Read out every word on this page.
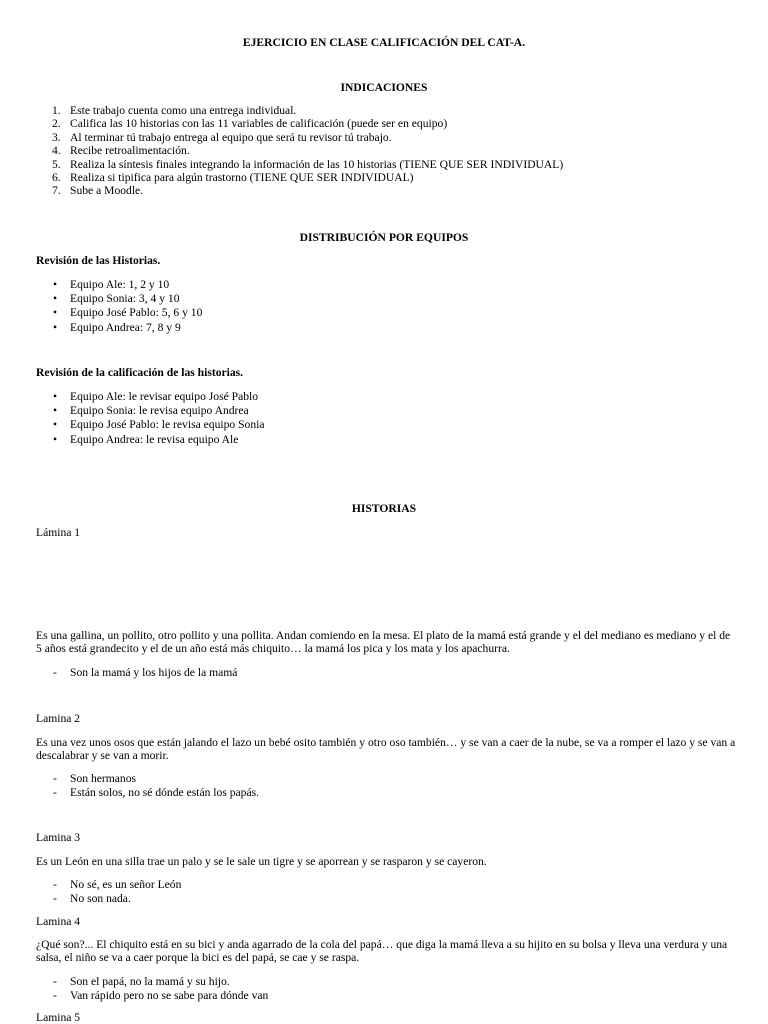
EJERCICIO EN CLASE CALIFICACIÓN DEL CAT-A.
INDICACIONES
1. Este trabajo cuenta como una entrega individual.
2. Califica las 10 historias con las 11 variables de calificación (puede ser en equipo)
3. Al terminar tú trabajo entrega al equipo que será tu revisor tú trabajo.
4. Recibe retroalimentación.
5. Realiza la síntesis finales integrando la información de las 10 historias (TIENE QUE SER INDIVIDUAL)
6. Realiza si tipifica para algún trastorno (TIENE QUE SER INDIVIDUAL)
7. Sube a Moodle.
DISTRIBUCIÓN POR EQUIPOS
Revisión de las Historias.
• Equipo Ale: 1, 2 y 10
• Equipo Sonia: 3, 4 y 10
• Equipo José Pablo: 5, 6 y 10
• Equipo Andrea: 7, 8 y 9
Revisión de la calificación de las historias.
• Equipo Ale: le revisar equipo José Pablo
• Equipo Sonia: le revisa equipo Andrea
• Equipo José Pablo: le revisa equipo Sonia
• Equipo Andrea: le revisa equipo Ale
HISTORIAS
Lámina 1
Es una gallina, un pollito, otro pollito y una pollita. Andan comiendo en la mesa. El plato de la mamá está grande y el del mediano es mediano y el de 5 años está grandecito y el de un año está más chiquito… la mamá los pica y los mata y los apachurra.
- Son la mamá y los hijos de la mamá
Lamina 2
Es una vez unos osos que están jalando el lazo un bebé osito también y otro oso también… y se van a caer de la nube, se va a romper el lazo y se van a descalabrar y se van a morir.
- Son hermanos
- Están solos, no sé dónde están los papás.
Lamina 3
Es un León en una silla trae un palo y se le sale un tigre y se aporrean y se rasparon y se cayeron.
- No sé, es un señor León
- No son nada.
Lamina 4
¿Qué son?... El chiquito está en su bici y anda agarrado de la cola del papá… que diga la mamá lleva a su hijito en su bolsa y lleva una verdura y una salsa, el niño se va a caer porque la bici es del papá, se cae y se raspa.
- Son el papá, no la mamá y su hijo.
- Van rápido pero no se sabe para dónde van
Lamina 5
